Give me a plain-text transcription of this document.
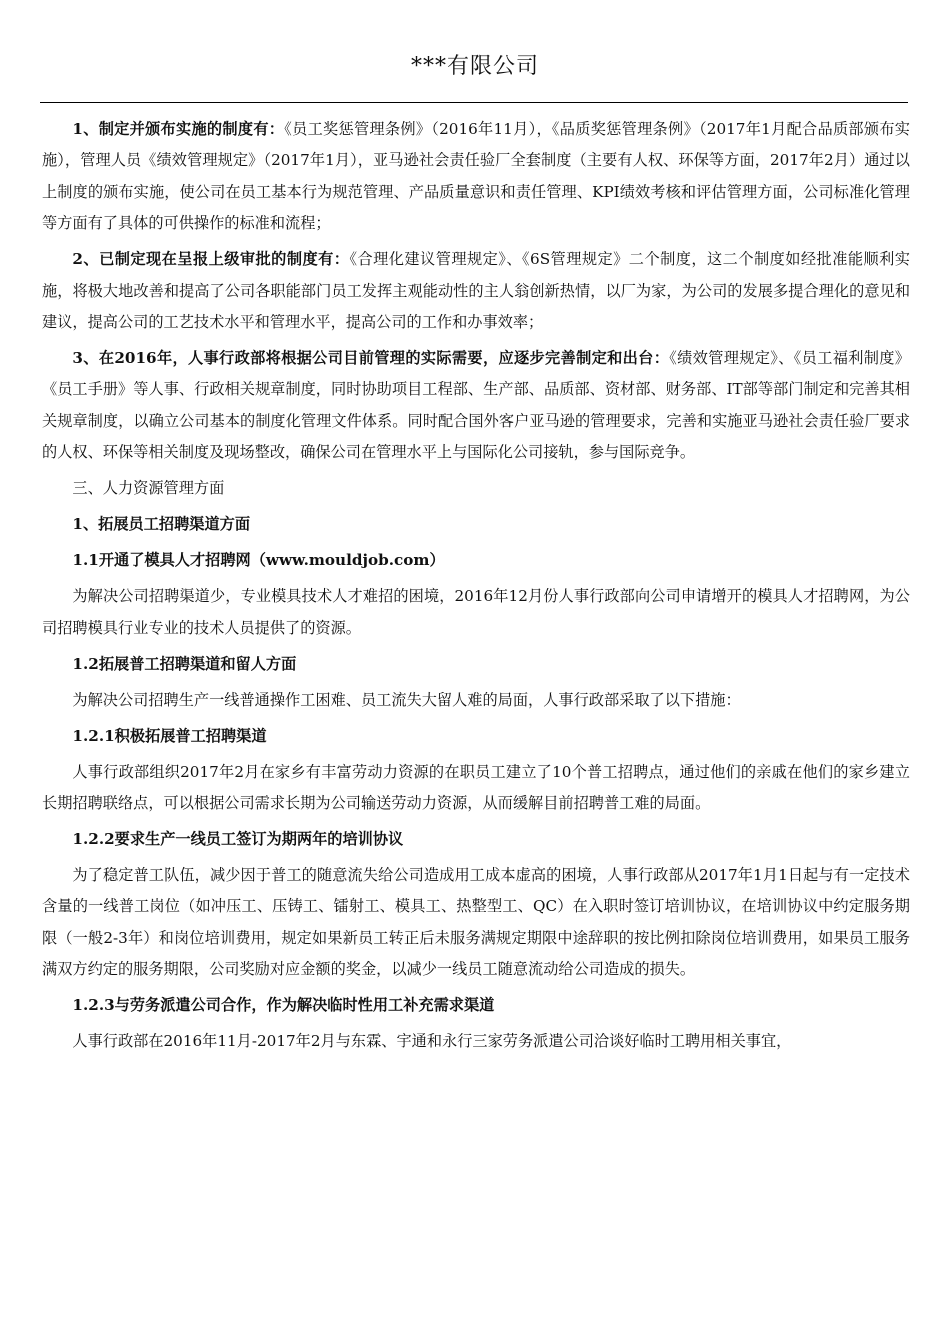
***有限公司

1、制定并颁布实施的制度有：《员工奖惩管理条例》（2016年11月），《品质奖惩管理条例》（2017年1月配合品质部颁布实施），管理人员《绩效管理规定》（2017年1月），亚马逊社会责任验厂全套制度（主要有人权、环保等方面，2017年2月）通过以上制度的颁布实施，使公司在员工基本行为规范管理、产品质量意识和责任管理、KPI绩效考核和评估管理方面，公司标准化管理等方面有了具体的可供操作的标准和流程；

2、已制定现在呈报上级审批的制度有：《合理化建议管理规定》、《6S管理规定》二个制度，这二个制度如经批准能顺利实施，将极大地改善和提高了公司各职能部门员工发挥主观能动性的主人翁创新热情，以厂为家，为公司的发展多提合理化的意见和建议，提高公司的工艺技术水平和管理水平，提高公司的工作和办事效率；

3、在2016年，人事行政部将根据公司目前管理的实际需要，应逐步完善制定和出台：《绩效管理规定》、《员工福利制度》《员工手册》等人事、行政相关规章制度，同时协助项目工程部、生产部、品质部、资材部、财务部、IT部等部门制定和完善其相关规章制度，以确立公司基本的制度化管理文件体系。同时配合国外客户亚马逊的管理要求，完善和实施亚马逊社会责任验厂要求的人权、环保等相关制度及现场整改，确保公司在管理水平上与国际化公司接轨，参与国际竞争。

三、人力资源管理方面

1、拓展员工招聘渠道方面

1.1开通了模具人才招聘网（www.mouldjob.com）

为解决公司招聘渠道少，专业模具技术人才难招的困境，2016年12月份人事行政部向公司申请增开的模具人才招聘网，为公司招聘模具行业专业的技术人员提供了的资源。

1.2拓展普工招聘渠道和留人方面

为解决公司招聘生产一线普通操作工困难、员工流失大留人难的局面，人事行政部采取了以下措施：

1.2.1积极拓展普工招聘渠道

人事行政部组织2017年2月在家乡有丰富劳动力资源的在职员工建立了10个普工招聘点，通过他们的亲戚在他们的家乡建立长期招聘联络点，可以根据公司需求长期为公司输送劳动力资源，从而缓解目前招聘普工难的局面。

1.2.2要求生产一线员工签订为期两年的培训协议

为了稳定普工队伍，减少因于普工的随意流失给公司造成用工成本虚高的困境，人事行政部从2017年1月1日起与有一定技术含量的一线普工岗位（如冲压工、压铸工、镭射工、模具工、热整型工、QC）在入职时签订培训协议，在培训协议中约定服务期限（一般2-3年）和岗位培训费用，规定如果新员工转正后未服务满规定期限中途辞职的按比例扣除岗位培训费用，如果员工服务满双方约定的服务期限，公司奖励对应金额的奖金，以减少一线员工随意流动给公司造成的损失。

1.2.3与劳务派遣公司合作，作为解决临时性用工补充需求渠道

人事行政部在2016年11月-2017年2月与东霖、宇通和永行三家劳务派遣公司洽谈好临时工聘用相关事宜，
